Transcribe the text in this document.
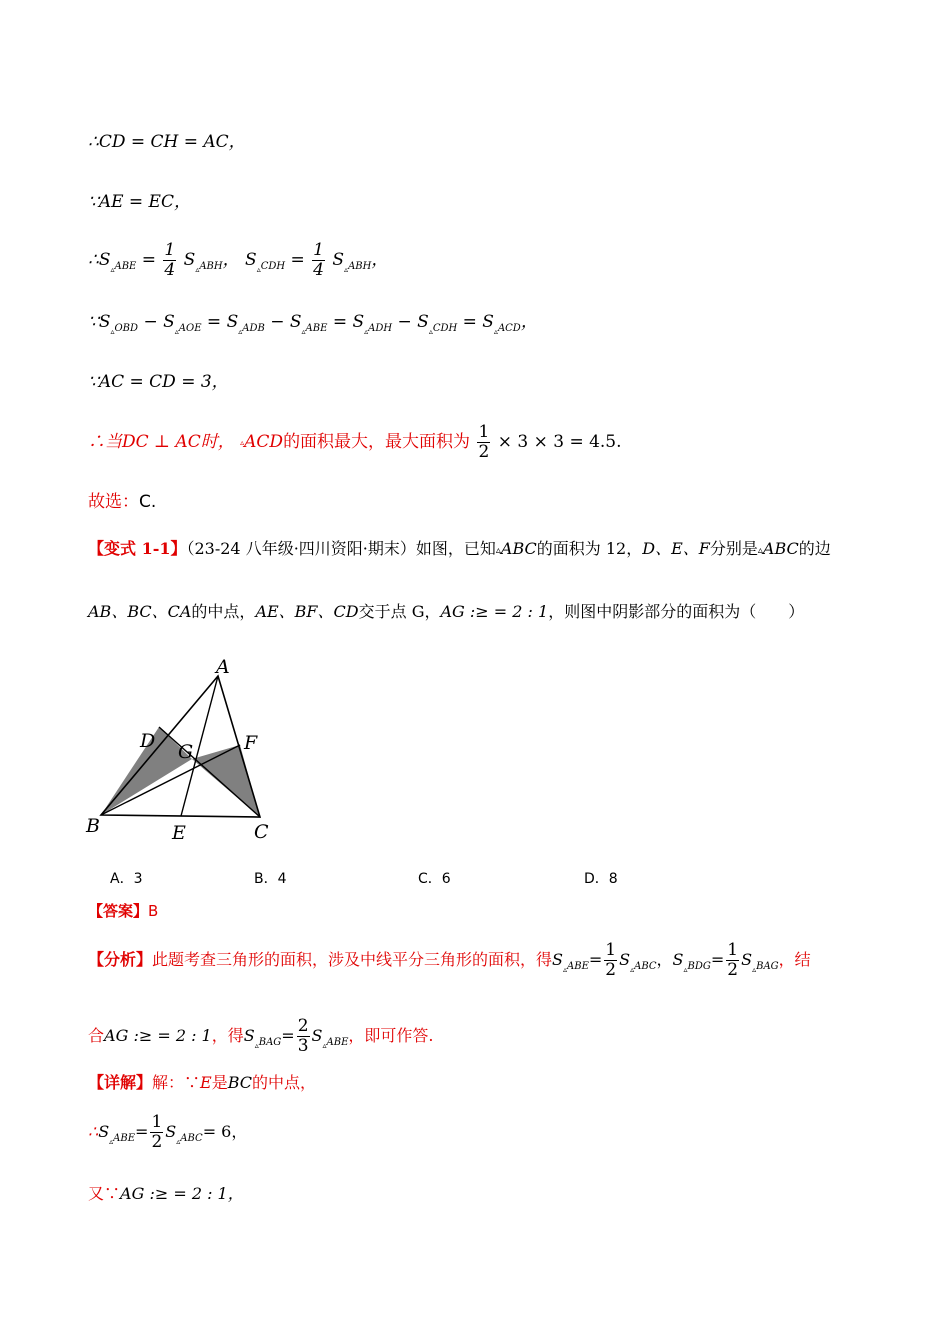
∴CD = CH = AC，
∵AE = EC，
$\therefore S_{_▵ABE} = \frac{1}{4} S_{_▵ABH}$， $S_{_▵CDH} = \frac{1}{4} S_{_▵ABH}$，
$\because S_{_▵OBD} - S_{_▵AOE} = S_{_▵ADB} - S_{_▵ABE} = S_{_▵ADH} - S_{_▵CDH} = S_{_▵ACD}$，
∵AC = CD = 3，
∴当DC ⊥ AC时， ▵ACD的面积最大，最大面积为 $\frac{1}{2} \times 3 \times 3 = 4.5$.
故选：C.
【变式 1-1】（23-24 八年级·四川资阳·期末）如图，已知▵ABC的面积为 12，D、E、F分别是▵ABC的边
AB、BC、CA的中点，AE、BF、CD交于点 G，AG :≥ = 2 : 1，则图中阴影部分的面积为（　　）
A
B	C
D
E
F
G
A．3	B．4	C．6	D．8
【答案】B
【分析】此题考查三角形的面积，涉及中线平分三角形的面积，得$S_{_▵ABE}= \frac{1}{2} S_{_▵ABC}$，$S_{_▵BDG}= \frac{1}{2} S_{_▵BAG}$，结
合AG :≥ = 2 : 1，得$S_{_▵BAG}= \frac{2}{3} S_{_▵ABE}$，即可作答.
【详解】解：∵E是BC的中点，
$\therefore S_{_▵ABE}= \frac{1}{2} S_{_▵ABC}= 6$，
又∵AG :≥ = 2 : 1，
